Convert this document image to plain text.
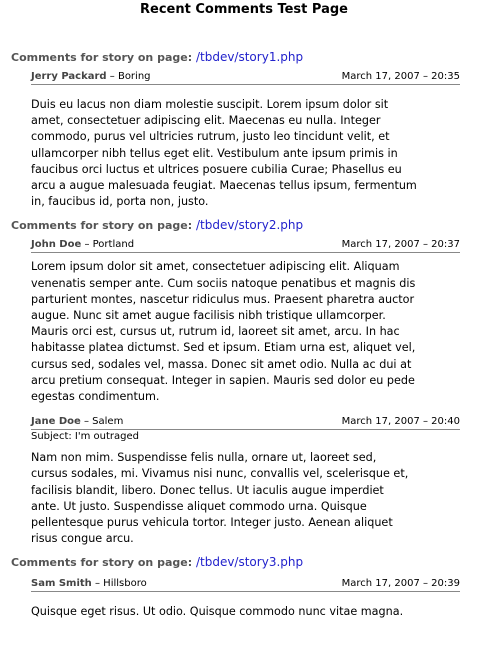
Recent Comments Test Page
Comments for story on page: /tbdev/story1.php
Jerry Packard – Boring	March 17, 2007 – 20:35

Duis eu lacus non diam molestie suscipit. Lorem ipsum dolor sit

amet, consectetuer adipiscing elit. Maecenas eu nulla. Integer

commodo, purus vel ultricies rutrum, justo leo tincidunt velit, et

ullamcorper nibh tellus eget elit. Vestibulum ante ipsum primis in

faucibus orci luctus et ultrices posuere cubilia Curae; Phasellus eu

arcu a augue malesuada feugiat. Maecenas tellus ipsum, fermentum

in, faucibus id, porta non, justo.

Comments for story on page: /tbdev/story2.php
John Doe – Portland	March 17, 2007 – 20:37

Lorem ipsum dolor sit amet, consectetuer adipiscing elit. Aliquam

venenatis semper ante. Cum sociis natoque penatibus et magnis dis

parturient montes, nascetur ridiculus mus. Praesent pharetra auctor

augue. Nunc sit amet augue facilisis nibh tristique ullamcorper.

Mauris orci est, cursus ut, rutrum id, laoreet sit amet, arcu. In hac

habitasse platea dictumst. Sed et ipsum. Etiam urna est, aliquet vel,

cursus sed, sodales vel, massa. Donec sit amet odio. Nulla ac dui at

arcu pretium consequat. Integer in sapien. Mauris sed dolor eu pede

egestas condimentum.

Jane Doe – Salem	March 17, 2007 – 20:40
Subject: I'm outraged

Nam non mim. Suspendisse felis nulla, ornare ut, laoreet sed,

cursus sodales, mi. Vivamus nisi nunc, convallis vel, scelerisque et,

facilisis blandit, libero. Donec tellus. Ut iaculis augue imperdiet

ante. Ut justo. Suspendisse aliquet commodo urna. Quisque

pellentesque purus vehicula tortor. Integer justo. Aenean aliquet

risus congue arcu.

Comments for story on page: /tbdev/story3.php
Sam Smith – Hillsboro	March 17, 2007 – 20:39

Quisque eget risus. Ut odio. Quisque commodo nunc vitae magna.
